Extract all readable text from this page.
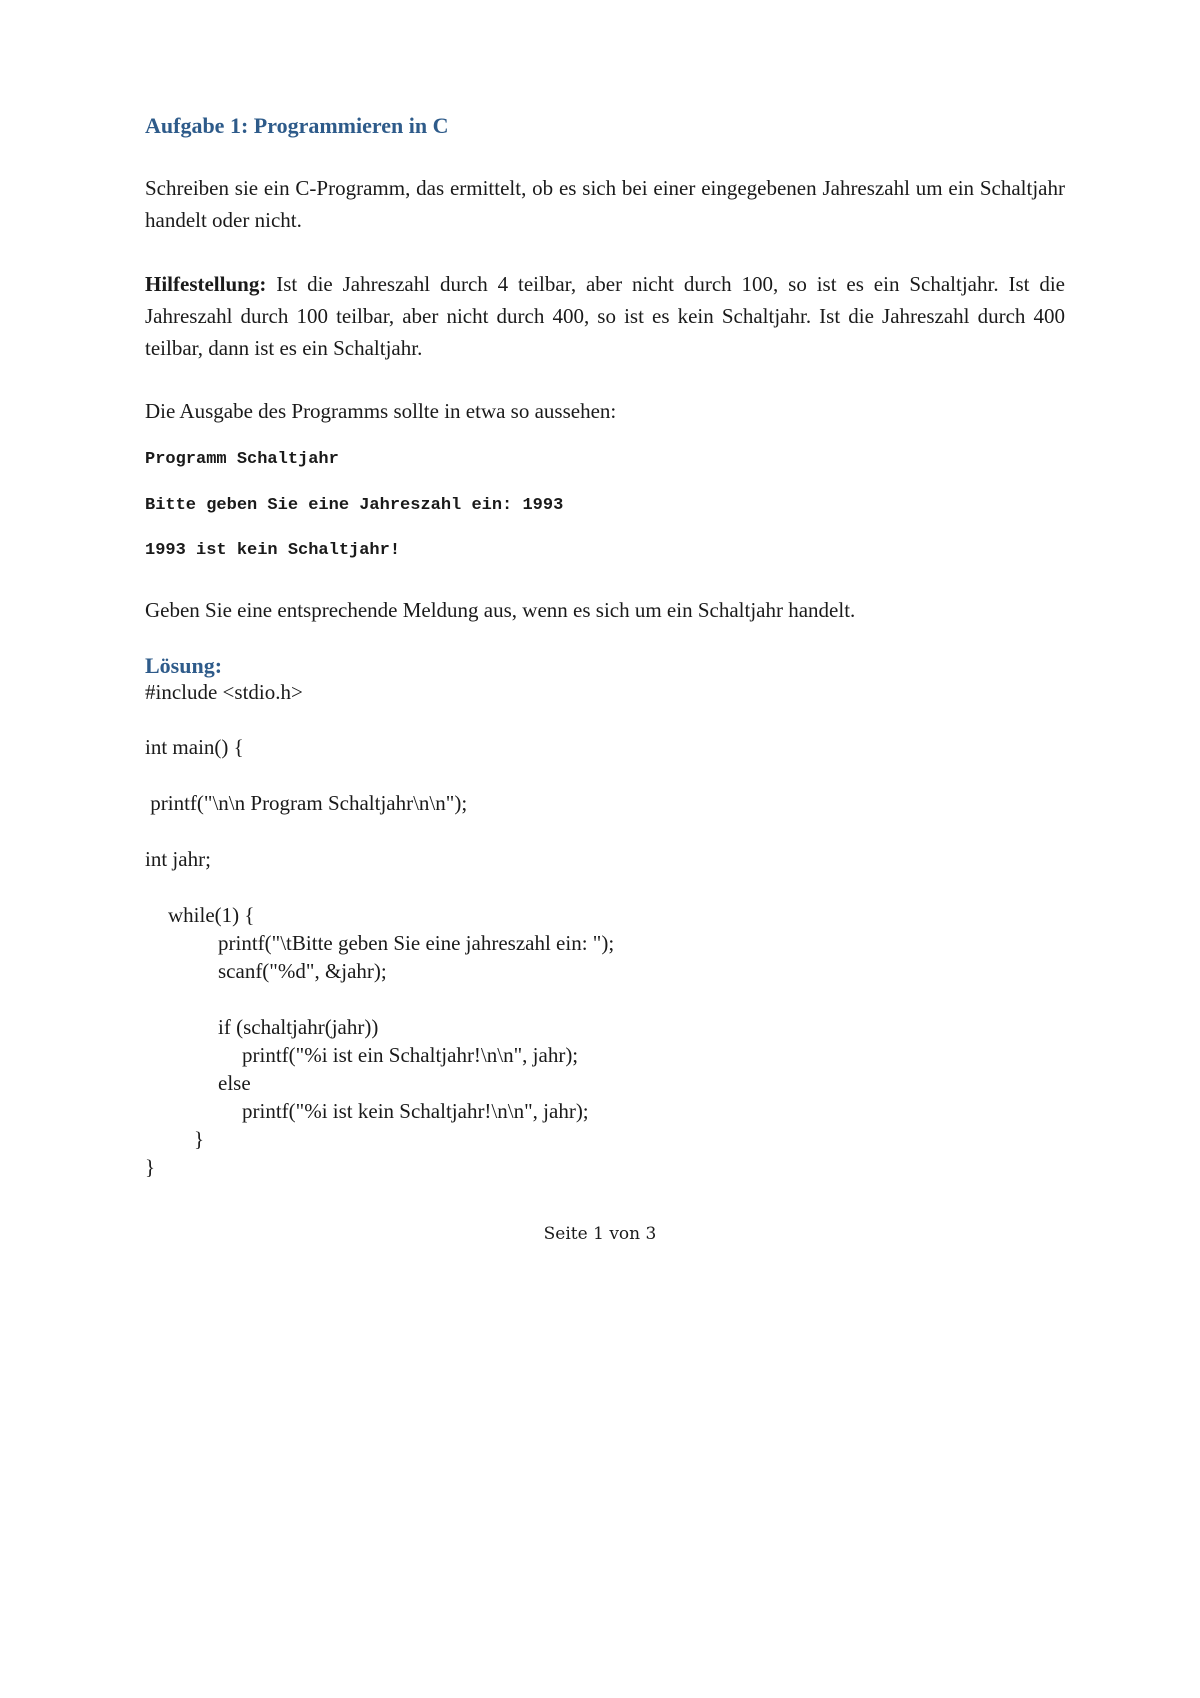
Aufgabe 1: Programmieren in C
Schreiben sie ein C-Programm, das ermittelt, ob es sich bei einer eingegebenen Jahreszahl um ein Schaltjahr handelt oder nicht.
Hilfestellung: Ist die Jahreszahl durch 4 teilbar, aber nicht durch 100, so ist es ein Schaltjahr. Ist die Jahreszahl durch 100 teilbar, aber nicht durch 400, so ist es kein Schaltjahr. Ist die Jahreszahl durch 400 teilbar, dann ist es ein Schaltjahr.
Die Ausgabe des Programms sollte in etwa so aussehen:
Programm Schaltjahr
Bitte geben Sie eine Jahreszahl ein: 1993
1993 ist kein Schaltjahr!
Geben Sie eine entsprechende Meldung aus, wenn es sich um ein Schaltjahr handelt.
Lösung:
#include <stdio.h>
int main() {
printf("\n\n Program Schaltjahr\n\n");
int jahr;
while(1) {
printf("\tBitte geben Sie eine jahreszahl ein: ");
scanf("%d", &jahr);
if (schaltjahr(jahr))
printf("%i ist ein Schaltjahr!\n\n", jahr);
else
printf("%i ist kein Schaltjahr!\n\n", jahr);
}
}
Seite 1 von 3
